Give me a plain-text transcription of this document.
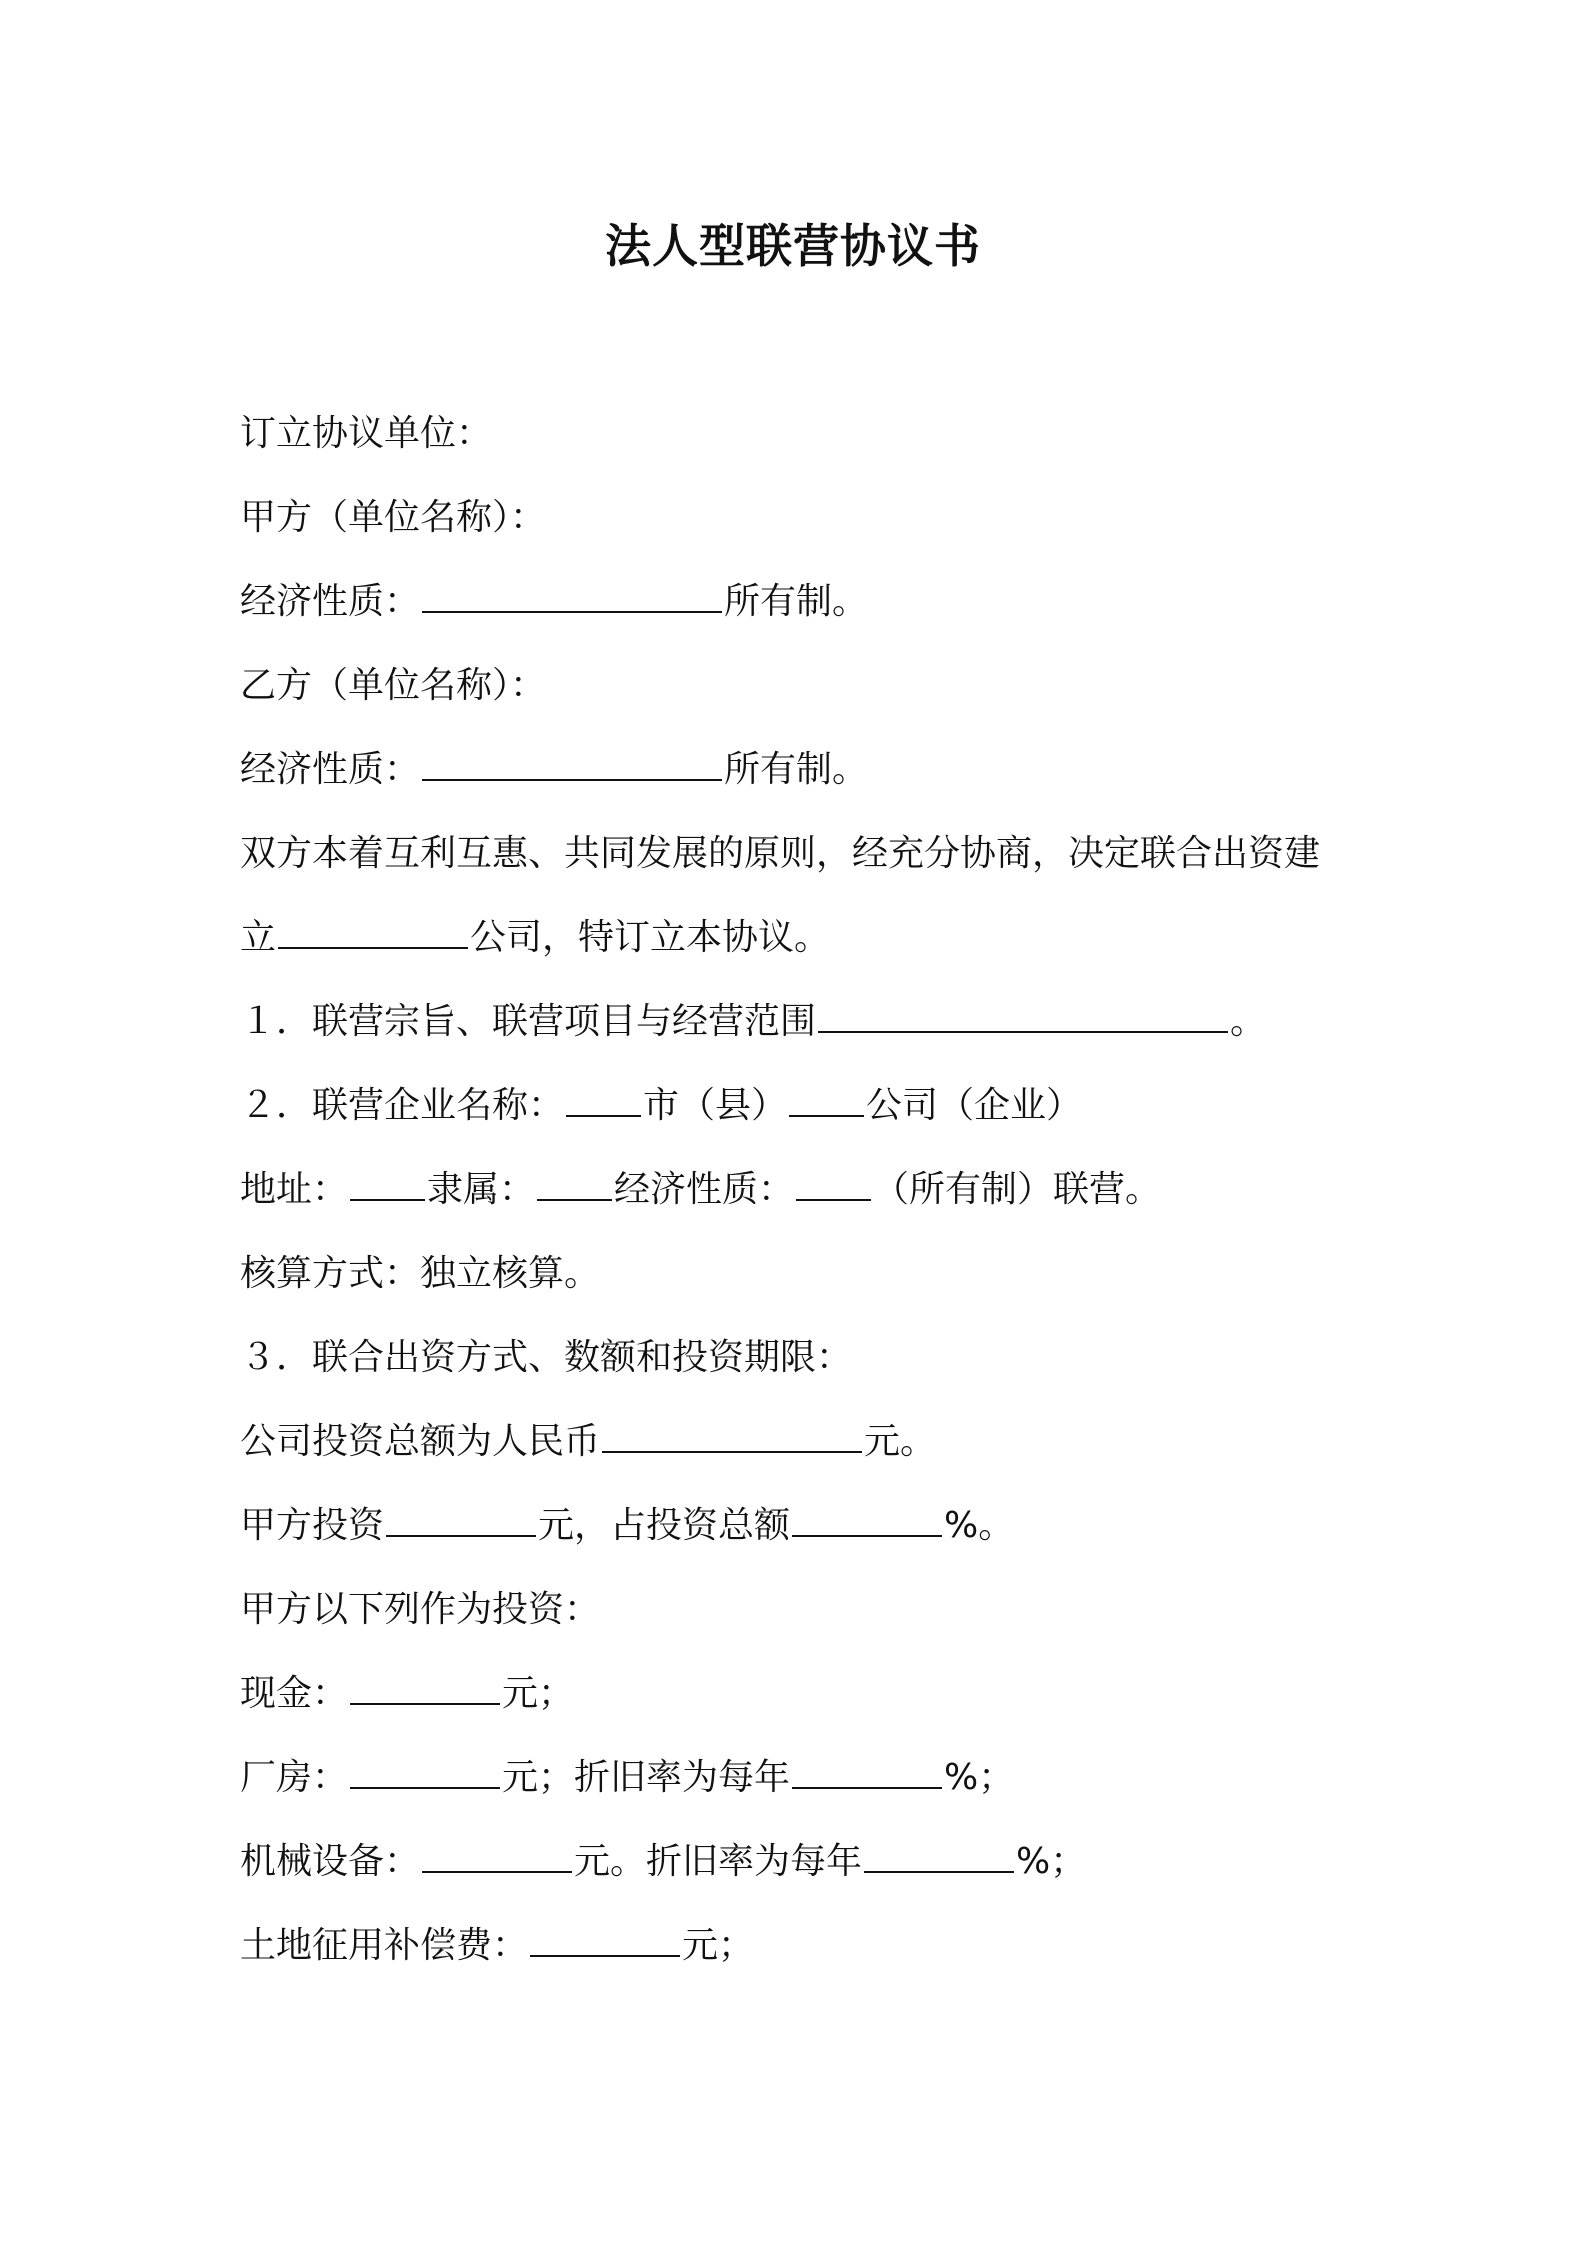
法人型联营协议书
订立协议单位：
甲方（单位名称）：
经济性质：	所有制。
乙方（单位名称）：
经济性质：	所有制。
双方本着互利互惠、共同发展的原则，经充分协商，决定联合出资建
立	公司，特订立本协议。
１．联营宗旨、联营项目与经营范围	。
２．联营企业名称： 市（县） 公司（企业）
地址： 隶属： 经济性质： （所有制）联营。
核算方式：独立核算。
３．联合出资方式、数额和投资期限：
公司投资总额为人民币	元。
甲方投资	元，占投资总额	%。
甲方以下列作为投资：
现金：	元；
厂房：	元；折旧率为每年	%；
机械设备：	元。折旧率为每年	%；
土地征用补偿费：	元；
